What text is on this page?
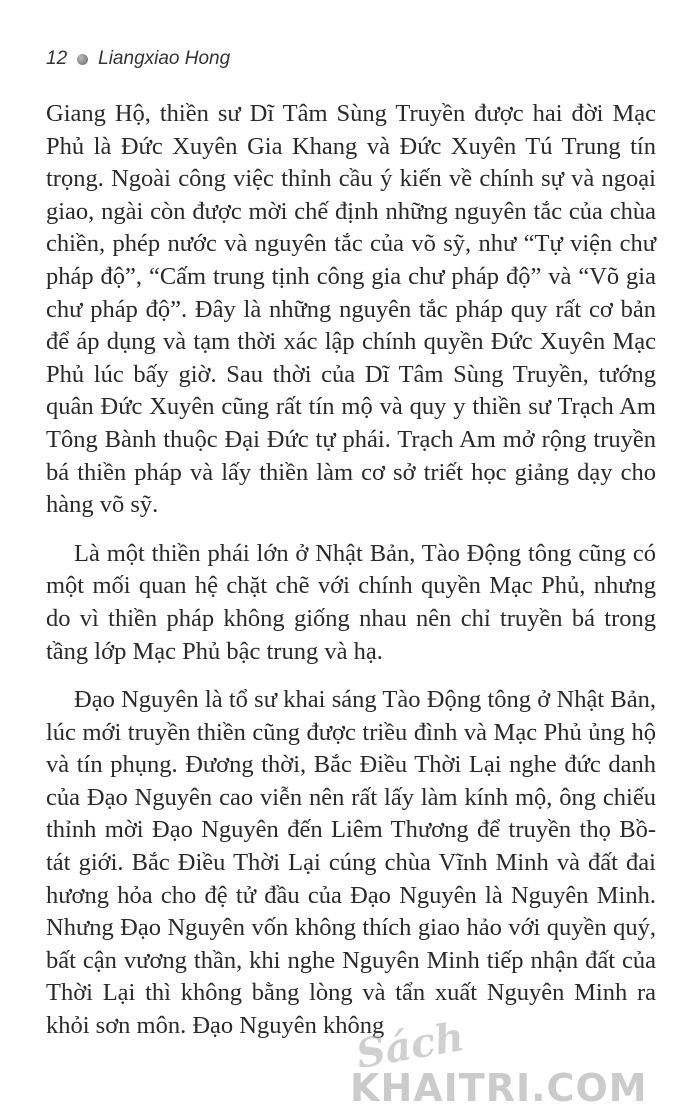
12 Liangxiao Hong

Giang Hộ, thiền sư Dĩ Tâm Sùng Truyền được hai đời Mạc Phủ là Đức Xuyên Gia Khang và Đức Xuyên Tú Trung tín trọng. Ngoài công việc thỉnh cầu ý kiến về chính sự và ngoại giao, ngài còn được mời chế định những nguyên tắc của chùa chiền, phép nước và nguyên tắc của võ sỹ, như “Tự viện chư pháp độ”, “Cấm trung tịnh công gia chư pháp độ” và “Võ gia chư pháp độ”. Đây là những nguyên tắc pháp quy rất cơ bản để áp dụng và tạm thời xác lập chính quyền Đức Xuyên Mạc Phủ lúc bấy giờ. Sau thời của Dĩ Tâm Sùng Truyền, tướng quân Đức Xuyên cũng rất tín mộ và quy y thiền sư Trạch Am Tông Bành thuộc Đại Đức tự phái. Trạch Am mở rộng truyền bá thiền pháp và lấy thiền làm cơ sở triết học giảng dạy cho hàng võ sỹ.

Là một thiền phái lớn ở Nhật Bản, Tào Động tông cũng có một mối quan hệ chặt chẽ với chính quyền Mạc Phủ, nhưng do vì thiền pháp không giống nhau nên chỉ truyền bá trong tầng lớp Mạc Phủ bậc trung và hạ.

Đạo Nguyên là tổ sư khai sáng Tào Động tông ở Nhật Bản, lúc mới truyền thiền cũng được triều đình và Mạc Phủ ủng hộ và tín phụng. Đương thời, Bắc Điều Thời Lại nghe đức danh của Đạo Nguyên cao viễn nên rất lấy làm kính mộ, ông chiếu thỉnh mời Đạo Nguyên đến Liêm Thương để truyền thọ Bồ-tát giới. Bắc Điều Thời Lại cúng chùa Vĩnh Minh và đất đai hương hỏa cho đệ tử đầu của Đạo Nguyên là Nguyên Minh. Nhưng Đạo Nguyên vốn không thích giao hảo với quyền quý, bất cận vương thần, khi nghe Nguyên Minh tiếp nhận đất của Thời Lại thì không bằng lòng và tẩn xuất Nguyên Minh ra khỏi sơn môn. Đạo Nguyên không

Sách
KHAITRI.COM
